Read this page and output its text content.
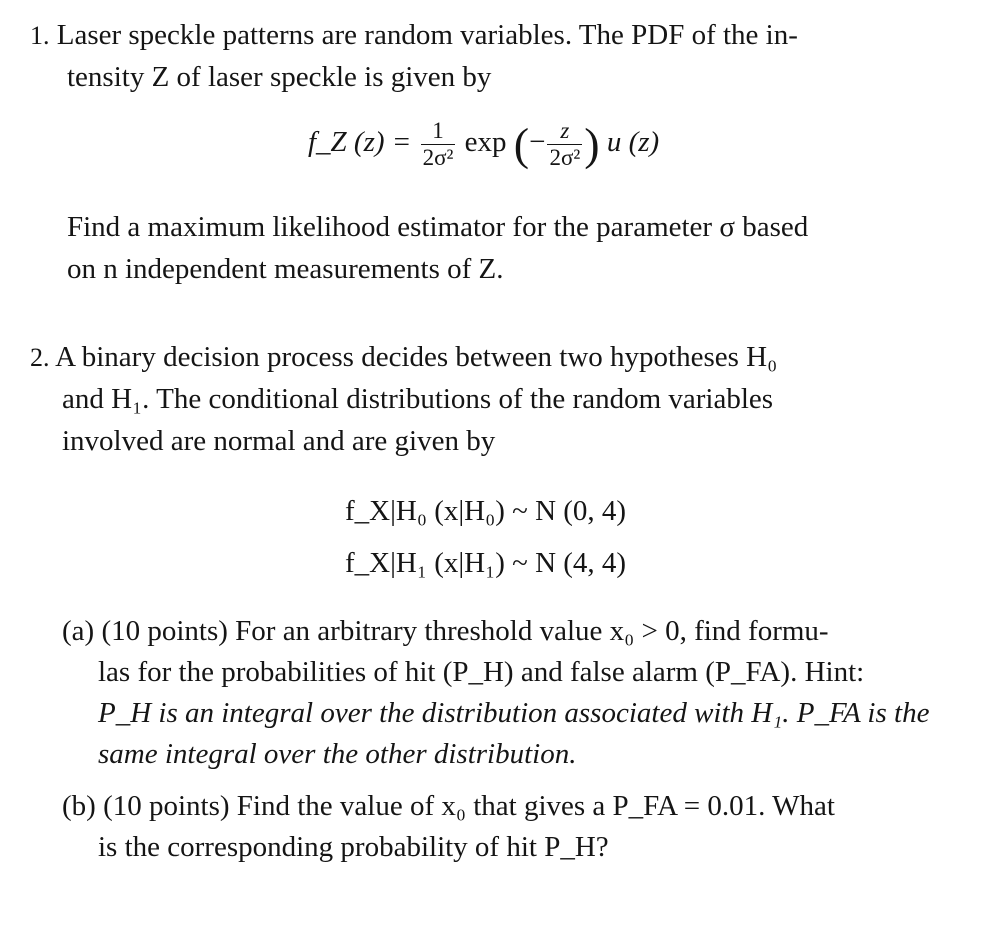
1. Laser speckle patterns are random variables. The PDF of the in-
tensity Z of laser speckle is given by
f_Z $(z) = \frac{1}{\text{2σ²}}$ exp (− $\frac{z}{\text{2σ²}}$ ) u (z)
Find a maximum likelihood estimator for the parameter σ based
on n independent measurements of Z.
2. A binary decision process decides between two hypotheses H₀
and H₁. The conditional distributions of the random variables
involved are normal and are given by
f_X|H₀ (x|H₀) ~ N (0, 4)
f_X|H₁ (x|H₁) ~ N (4, 4)
(a) (10 points) For an arbitrary threshold value x₀ > 0, find formu-
las for the probabilities of hit (P_H) and false alarm (P_FA). Hint:
P_H is an integral over the distribution associated with H₁. P_FA is the
same integral over the other distribution.
(b) (10 points) Find the value of x₀ that gives a P_FA = 0.01. What
is the corresponding probability of hit P_H?
